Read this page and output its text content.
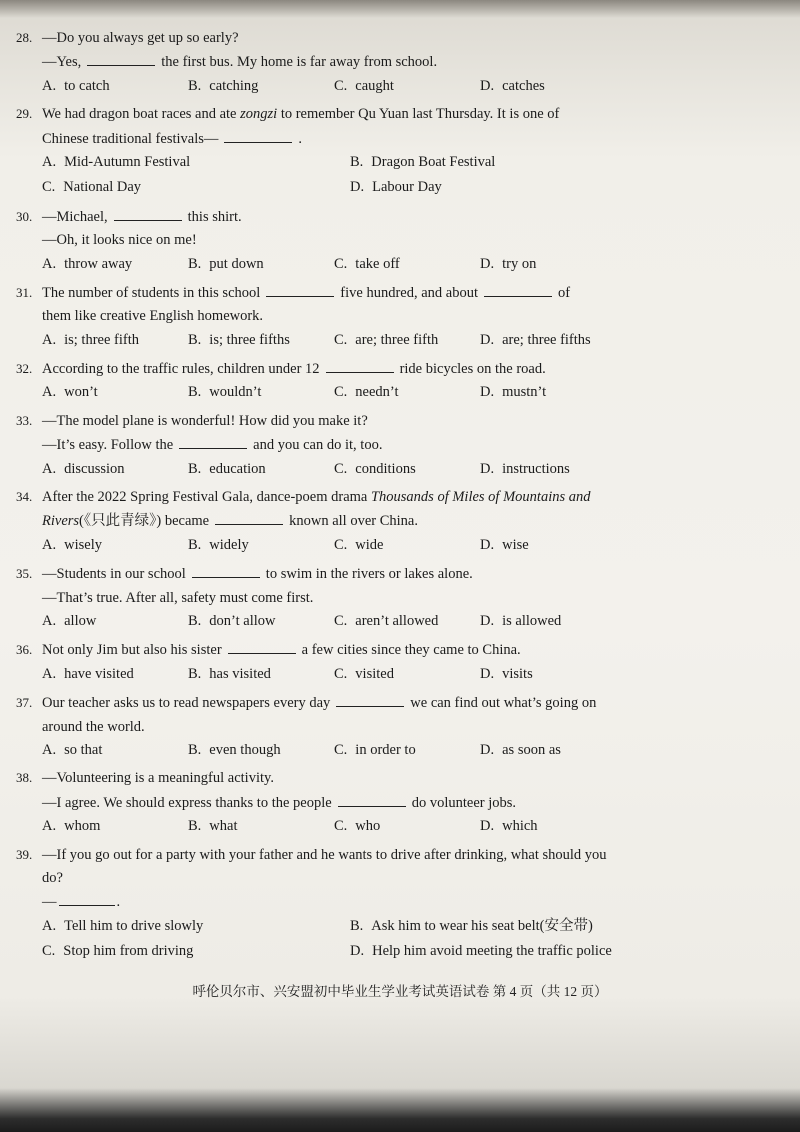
28. —Do you always get up so early?
—Yes,	the first bus. My home is far away from school.
A. to catch	B. catching	C. caught	D. catches
29. We had dragon boat races and ate zongzi to remember Qu Yuan last Thursday. It is one of
Chinese traditional festivals—	.
A. Mid-Autumn Festival	B. Dragon Boat Festival
C. National Day	D. Labour Day
30. —Michael,	this shirt.
—Oh, it looks nice on me!
A. throw away	B. put down	C. take off	D. try on
31. The number of students in this school	five hundred, and about	of
them like creative English homework.
A. is; three fifth	B. is; three fifths	C. are; three fifth	D. are; three fifths
32. According to the traffic rules, children under 12	ride bicycles on the road.
A. won’t	B. wouldn’t	C. needn’t	D. mustn’t
33. —The model plane is wonderful! How did you make it?
—It’s easy. Follow the	and you can do it, too.
A. discussion	B. education	C. conditions	D. instructions
34. After the 2022 Spring Festival Gala, dance-poem drama Thousands of Miles of Mountains and
Rivers(《只此青绿》) became	known all over China.
A. wisely	B. widely	C. wide	D. wise
35. —Students in our school	to swim in the rivers or lakes alone.
—That’s true. After all, safety must come first.
A. allow	B. don’t allow	C. aren’t allowed	D. is allowed
36. Not only Jim but also his sister	a few cities since they came to China.
A. have visited	B. has visited	C. visited	D. visits
37. Our teacher asks us to read newspapers every day	we can find out what’s going on
around the world.
A. so that	B. even though	C. in order to	D. as soon as
38. —Volunteering is a meaningful activity.
—I agree. We should express thanks to the people	do volunteer jobs.
A. whom	B. what	C. who	D. which
39. —If you go out for a party with your father and he wants to drive after drinking, what should you
do?
—	.
A. Tell him to drive slowly	B. Ask him to wear his seat belt(安全带)
C. Stop him from driving	D. Help him avoid meeting the traffic police
呼伦贝尔市、兴安盟初中毕业生学业考试英语试卷 第 4 页（共 12 页）
